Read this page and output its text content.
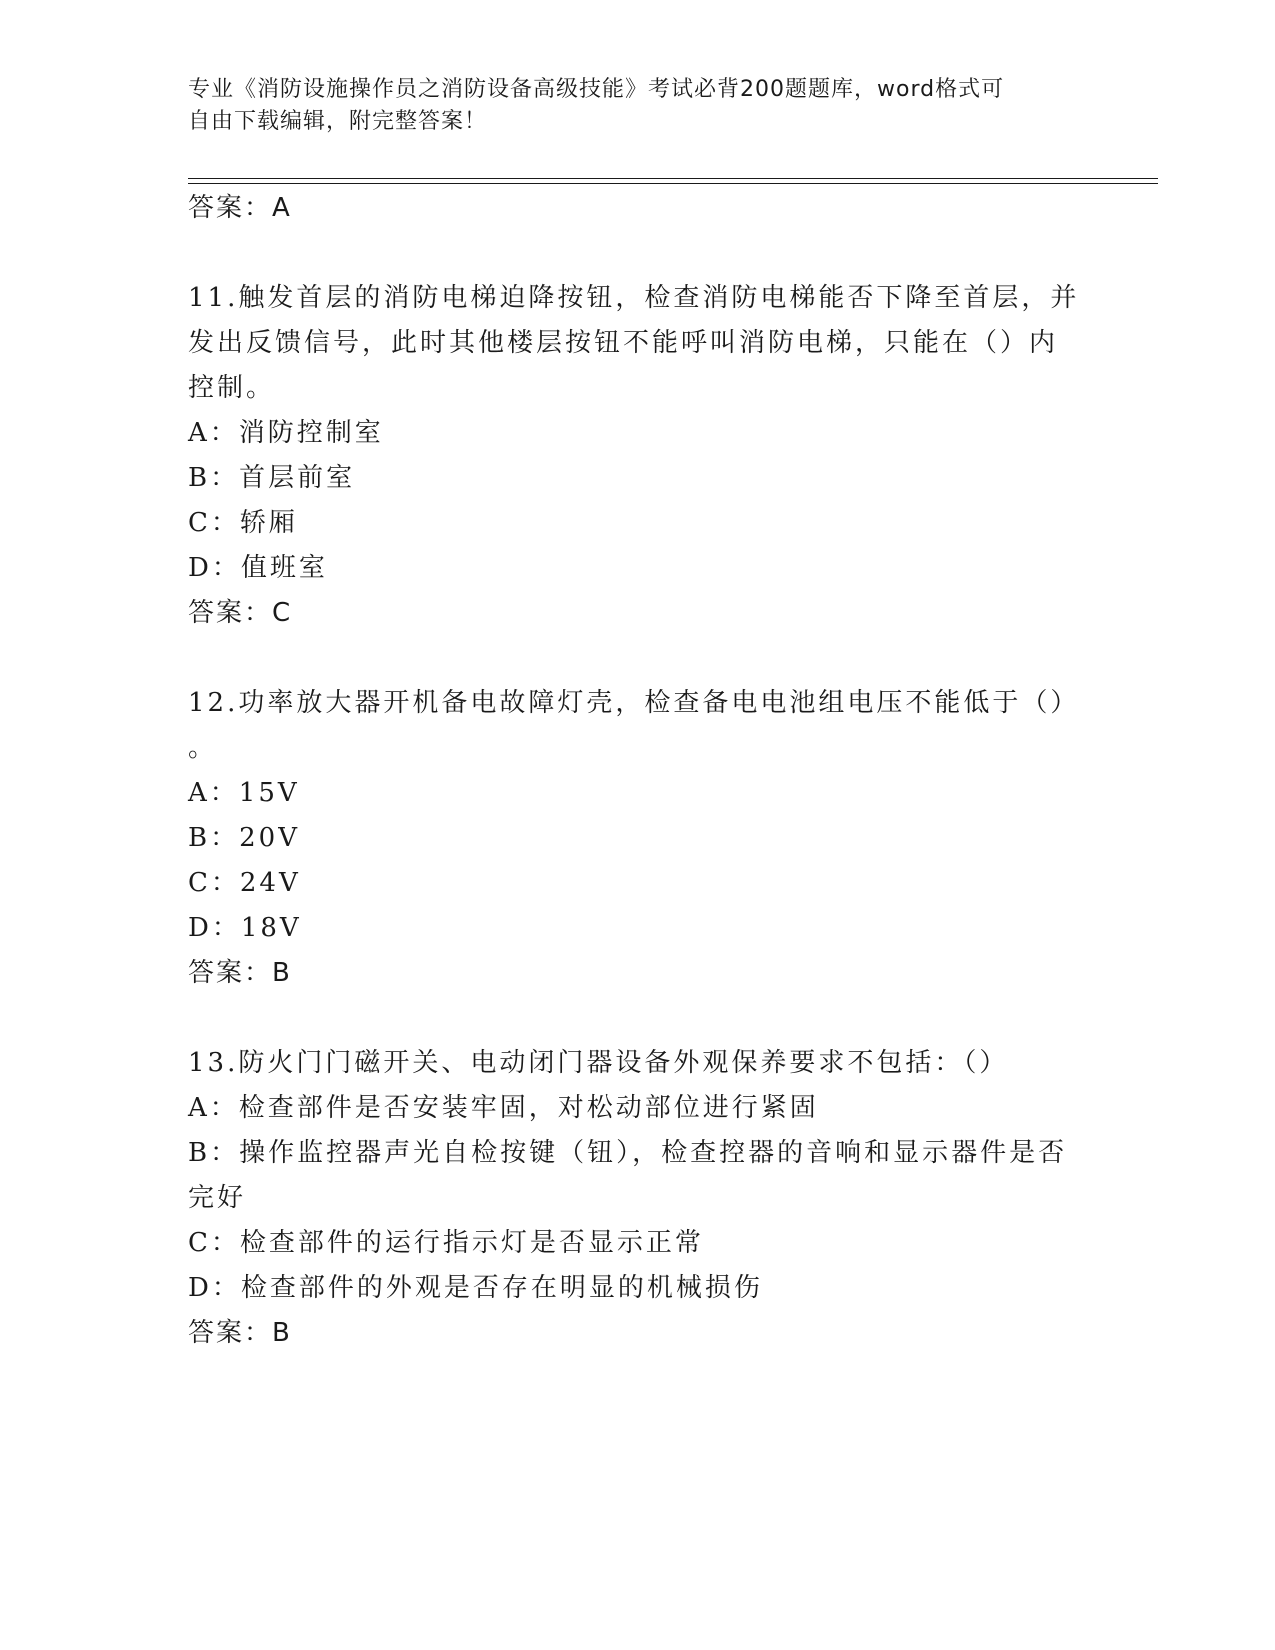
专业《消防设施操作员之消防设备高级技能》考试必背200题题库，word格式可
自由下载编辑，附完整答案！
答案：A
11.触发首层的消防电梯迫降按钮，检查消防电梯能否下降至首层，并
发出反馈信号，此时其他楼层按钮不能呼叫消防电梯，只能在（）内
控制。
A：消防控制室
B：首层前室
C：轿厢
D：值班室
答案：C
12.功率放大器开机备电故障灯壳，检查备电电池组电压不能低于（）
。
A：15V
B：20V
C：24V
D：18V
答案：B
13.防火门门磁开关、电动闭门器设备外观保养要求不包括：（）
A：检查部件是否安装牢固，对松动部位进行紧固
B：操作监控器声光自检按键（钮），检查控器的音响和显示器件是否
完好
C：检查部件的运行指示灯是否显示正常
D：检查部件的外观是否存在明显的机械损伤
答案：B
